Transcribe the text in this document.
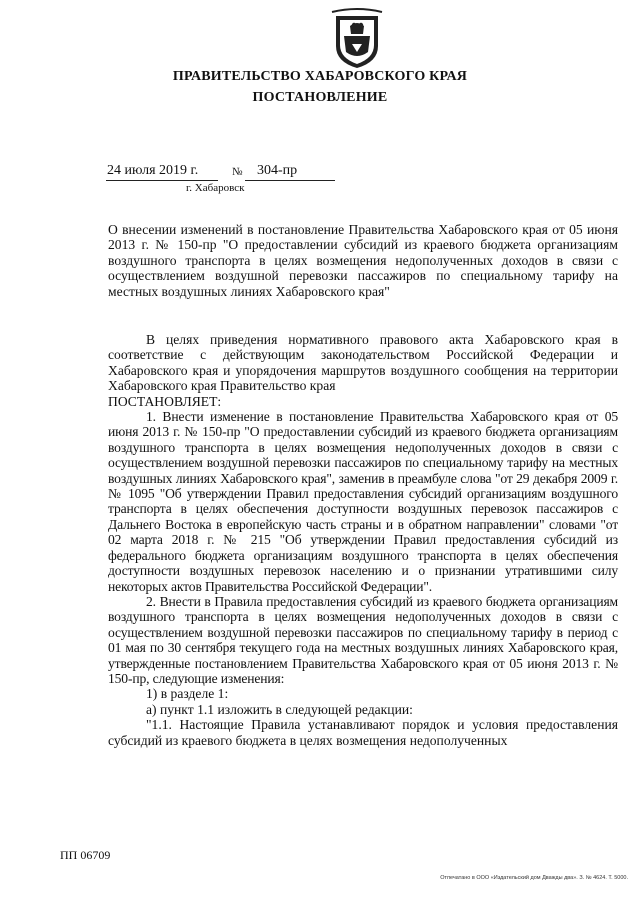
ПРАВИТЕЛЬСТВО ХАБАРОВСКОГО КРАЯ
ПОСТАНОВЛЕНИЕ
24 июля 2019 г.	№ 304-пр
г. Хабаровск
О внесении изменений в постановление Правительства Хабаровского края от 05 июня 2013 г. № 150-пр "О предоставлении субсидий из краевого бюджета организациям воздушного транспорта в целях возмещения недополученных доходов в связи с осуществлением воздушной перевозки пассажиров по специальному тарифу на местных воздушных линиях Хабаровского края"

В целях приведения нормативного правового акта Хабаровского края в соответствие с действующим законодательством Российской Федерации и Хабаровского края и упорядочения маршрутов воздушного сообщения на территории Хабаровского края Правительство края

ПОСТАНОВЛЯЕТ:

1. Внести изменение в постановление Правительства Хабаровского края от 05 июня 2013 г. № 150-пр "О предоставлении субсидий из краевого бюджета организациям воздушного транспорта в целях возмещения недополученных доходов в связи с осуществлением воздушной перевозки пассажиров по специальному тарифу на местных воздушных линиях Хабаровского края", заменив в преамбуле слова "от 29 декабря 2009 г. № 1095 "Об утверждении Правил предоставления субсидий организациям воздушного транспорта в целях обеспечения доступности воздушных перевозок пассажиров с Дальнего Востока в европейскую часть страны и в обратном направлении" словами "от 02 марта 2018 г. № 215 "Об утверждении Правил предоставления субсидий из федерального бюджета организациям воздушного транспорта в целях обеспечения доступности воздушных перевозок населению и о признании утратившими силу некоторых актов Правительства Российской Федерации".

2. Внести в Правила предоставления субсидий из краевого бюджета организациям воздушного транспорта в целях возмещения недополученных доходов в связи с осуществлением воздушной перевозки пассажиров по специальному тарифу в период с 01 мая по 30 сентября текущего года на местных воздушных линиях Хабаровского края, утвержденные постановлением Правительства Хабаровского края от 05 июня 2013 г. № 150-пр, следующие изменения:

1) в разделе 1:

а) пункт 1.1 изложить в следующей редакции:

"1.1. Настоящие Правила устанавливают порядок и условия предоставления субсидий из краевого бюджета в целях возмещения недополученных

ПП 06709
Отпечатано в ООО «Издательский дом Дважды два». З. № 4624. Т. 5000.
